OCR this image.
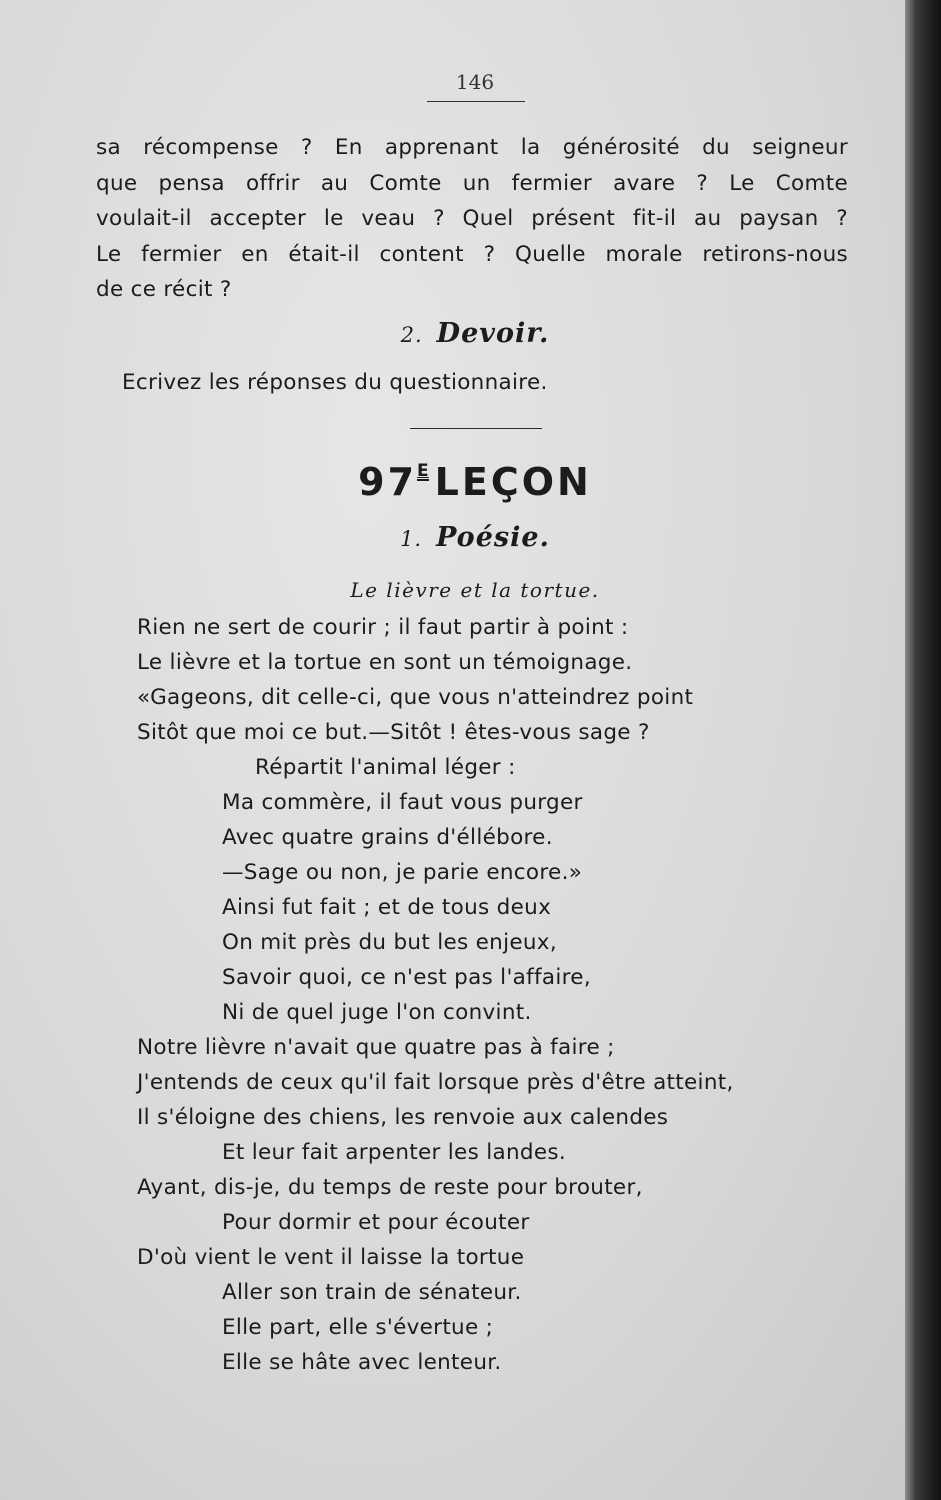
146
sa récompense ? En apprenant la générosité du seigneur
que pensa offrir au Comte un fermier avare ? Le Comte
voulait-il accepter le veau ? Quel présent fit-il au paysan ?
Le fermier en était-il content ? Quelle morale retirons-nous
de ce récit ?
2. Devoir.
Ecrivez les réponses du questionnaire.
97E LEÇON
1. Poésie.
Le lièvre et la tortue.
Rien ne sert de courir ; il faut partir à point :
Le lièvre et la tortue en sont un témoignage.
«Gageons, dit celle-ci, que vous n'atteindrez point
Sitôt que moi ce but.—Sitôt ! êtes-vous sage ?
Répartit l'animal léger :
Ma commère, il faut vous purger
Avec quatre grains d'éllébore.
—Sage ou non, je parie encore.»
Ainsi fut fait ; et de tous deux
On mit près du but les enjeux,
Savoir quoi, ce n'est pas l'affaire,
Ni de quel juge l'on convint.
Notre lièvre n'avait que quatre pas à faire ;
J'entends de ceux qu'il fait lorsque près d'être atteint,
Il s'éloigne des chiens, les renvoie aux calendes
Et leur fait arpenter les landes.
Ayant, dis-je, du temps de reste pour brouter,
Pour dormir et pour écouter
D'où vient le vent il laisse la tortue
Aller son train de sénateur.
Elle part, elle s'évertue ;
Elle se hâte avec lenteur.
